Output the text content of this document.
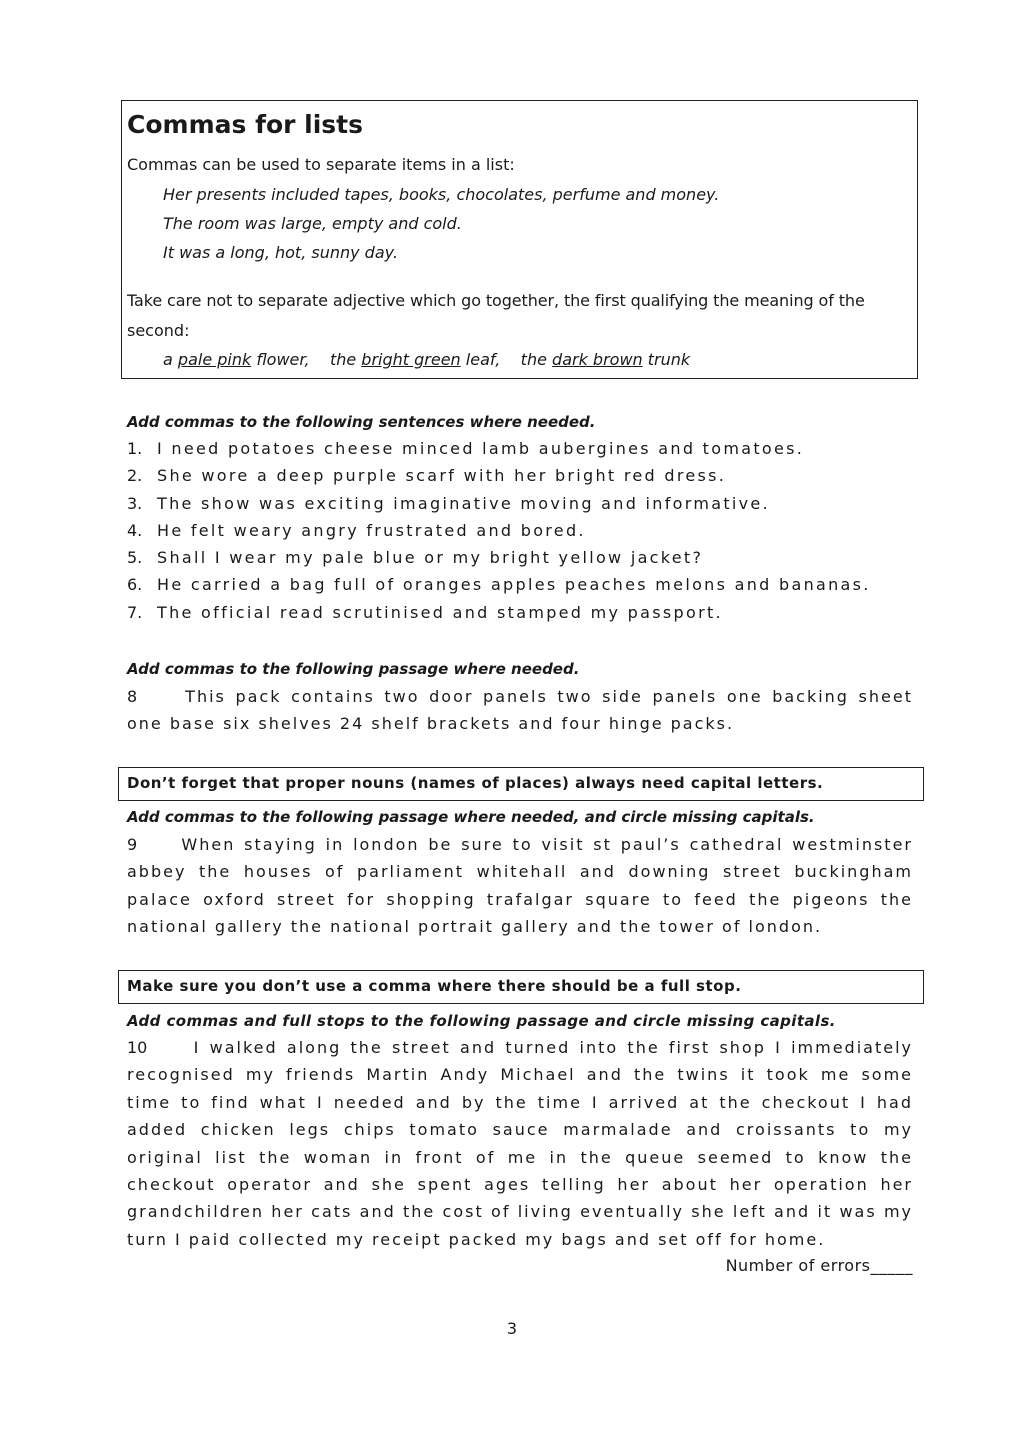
Commas for lists
Commas can be used to separate items in a list:
Her presents included tapes, books, chocolates, perfume and money.
The room was large, empty and cold.
It was a long, hot, sunny day.
Take care not to separate adjective which go together, the first qualifying the meaning of the
second:
a pale pink flower, the bright green leaf, the dark brown trunk
Add commas to the following sentences where needed.
1. I need potatoes cheese minced lamb aubergines and tomatoes.
2. She wore a deep purple scarf with her bright red dress.
3. The show was exciting imaginative moving and informative.
4. He felt weary angry frustrated and bored.
5. Shall I wear my pale blue or my bright yellow jacket?
6. He carried a bag full of oranges apples peaches melons and bananas.
7. The official read scrutinised and stamped my passport.
Add commas to the following passage where needed.

8	This pack contains two door panels two side panels one backing sheet one base six shelves 24 shelf brackets and four hinge packs.

Don’t forget that proper nouns (names of places) always need capital letters.
Add commas to the following passage where needed, and circle missing capitals.

9	When staying in london be sure to visit st paul’s cathedral westminster abbey the houses of parliament whitehall and downing street buckingham palace oxford street for shopping trafalgar square to feed the pigeons the national gallery the national portrait gallery and the tower of london.

Make sure you don’t use a comma where there should be a full stop.
Add commas and full stops to the following passage and circle missing capitals.

10	I walked along the street and turned into the first shop I immediately recognised my friends Martin Andy Michael and the twins it took me some time to find what I needed and by the time I arrived at the checkout I had added chicken legs chips tomato sauce marmalade and croissants to my original list the woman in front of me in the queue seemed to know the checkout operator and she spent ages telling her about her operation her grandchildren her cats and the cost of living eventually she left and it was my turn I paid collected my receipt packed my bags and set off for home.

Number of errors_____
3
